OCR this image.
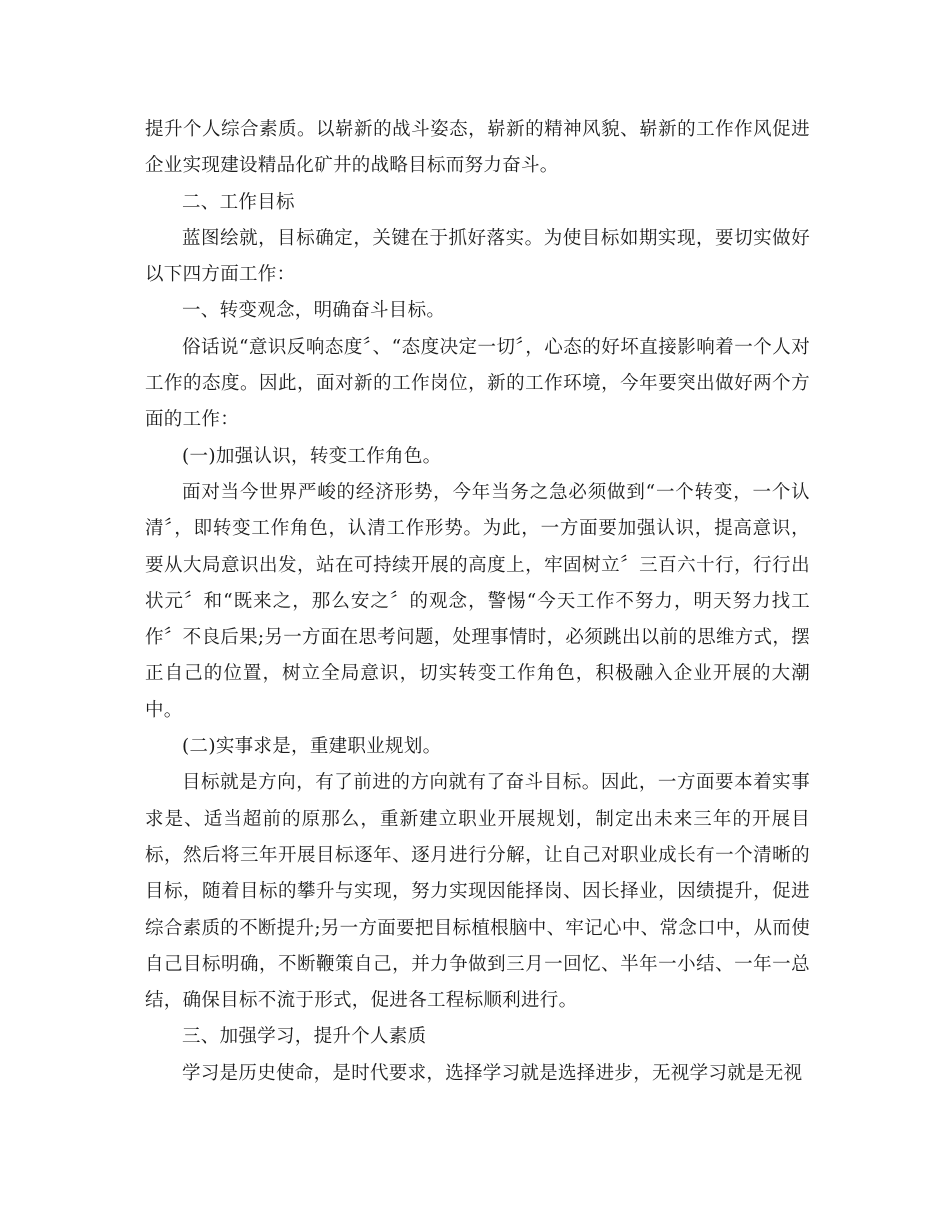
提升个人综合素质。以崭新的战斗姿态，崭新的精神风貌、崭新的工作作风促进企业实现建设精品化矿井的战略目标而努力奋斗。

二、工作目标

蓝图绘就，目标确定，关键在于抓好落实。为使目标如期实现，要切实做好以下四方面工作：

一、转变观念，明确奋斗目标。

俗话说“意识反响态度〞、“态度决定一切〞，心态的好坏直接影响着一个人对工作的态度。因此，面对新的工作岗位，新的工作环境，今年要突出做好两个方面的工作：

(一)加强认识，转变工作角色。

面对当今世界严峻的经济形势，今年当务之急必须做到“一个转变，一个认清〞，即转变工作角色，认清工作形势。为此，一方面要加强认识，提高意识，要从大局意识出发，站在可持续开展的高度上，牢固树立〞三百六十行，行行出状元〞和“既来之，那么安之〞的观念，警惕“今天工作不努力，明天努力找工作〞不良后果;另一方面在思考问题，处理事情时，必须跳出以前的思维方式，摆正自己的位置，树立全局意识，切实转变工作角色，积极融入企业开展的大潮中。

(二)实事求是，重建职业规划。

目标就是方向，有了前进的方向就有了奋斗目标。因此，一方面要本着实事求是、适当超前的原那么，重新建立职业开展规划，制定出未来三年的开展目标，然后将三年开展目标逐年、逐月进行分解，让自己对职业成长有一个清晰的目标，随着目标的攀升与实现，努力实现因能择岗、因长择业，因绩提升，促进综合素质的不断提升;另一方面要把目标植根脑中、牢记心中、常念口中，从而使自己目标明确，不断鞭策自己，并力争做到三月一回忆、半年一小结、一年一总结，确保目标不流于形式，促进各工程标顺利进行。

三、加强学习，提升个人素质

学习是历史使命，是时代要求，选择学习就是选择进步，无视学习就是无视
